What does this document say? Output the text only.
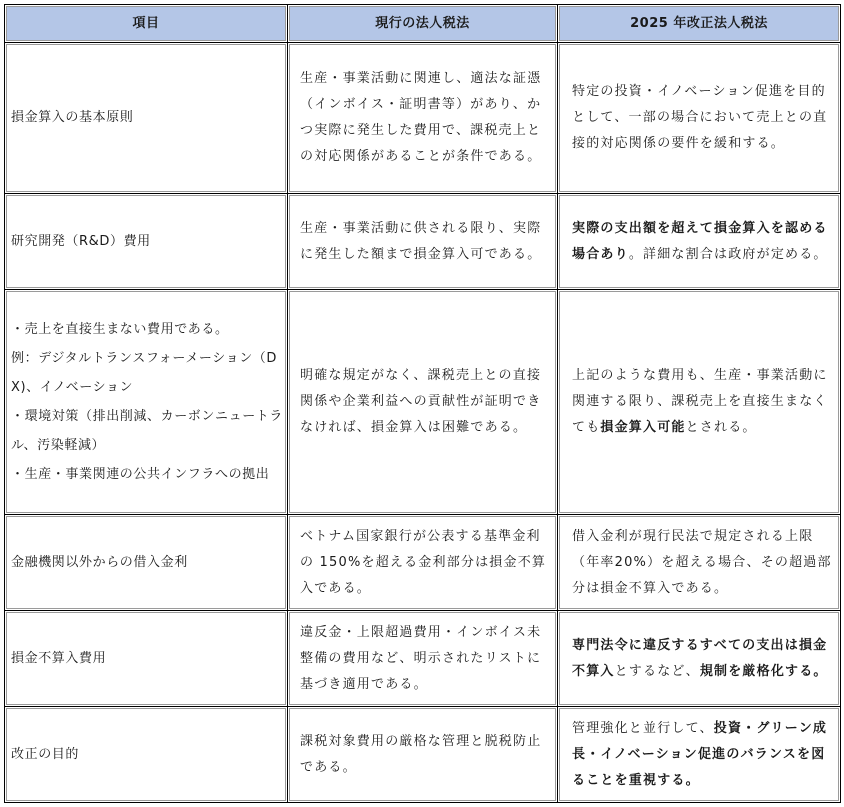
項目	現行の法人税法	2025 年改正法人税法
損金算入の基本原則	生産・事業活動に関連し、適法な証憑（インボイス・証明書等）があり、かつ実際に発生した費用で、課税売上との対応関係があることが条件である。	特定の投資・イノベーション促進を目的として、一部の場合において売上との直接的対応関係の要件を緩和する。
研究開発（R&D）費用	生産・事業活動に供される限り、実際に発生した額まで損金算入可である。	実際の支出額を超えて損金算入を認める場合あり。詳細な割合は政府が定める。

・売上を直接生まない費用である。
例：デジタルトランスフォーメーション（DX)、イノベーション
・環境対策（排出削減、カーボンニュートラル、汚染軽減）
・生産・事業関連の公共インフラへの拠出	明確な規定がなく、課税売上との直接関係や企業利益への貢献性が証明できなければ、損金算入は困難である。	上記のような費用も、生産・事業活動に関連する限り、課税売上を直接生まなくても損金算入可能とされる。
金融機関以外からの借入金利	ベトナム国家銀行が公表する基準金利の 150%を超える金利部分は損金不算入である。	借入金利が現行民法で規定される上限（年率20%）を超える場合、その超過部分は損金不算入である。
損金不算入費用	違反金・上限超過費用・インボイス未整備の費用など、明示されたリストに基づき適用である。	専門法令に違反するすべての支出は損金不算入とするなど、規制を厳格化する。
改正の目的	課税対象費用の厳格な管理と脱税防止である。	管理強化と並行して、投資・グリーン成長・イノベーション促進のバランスを図ることを重視する。
